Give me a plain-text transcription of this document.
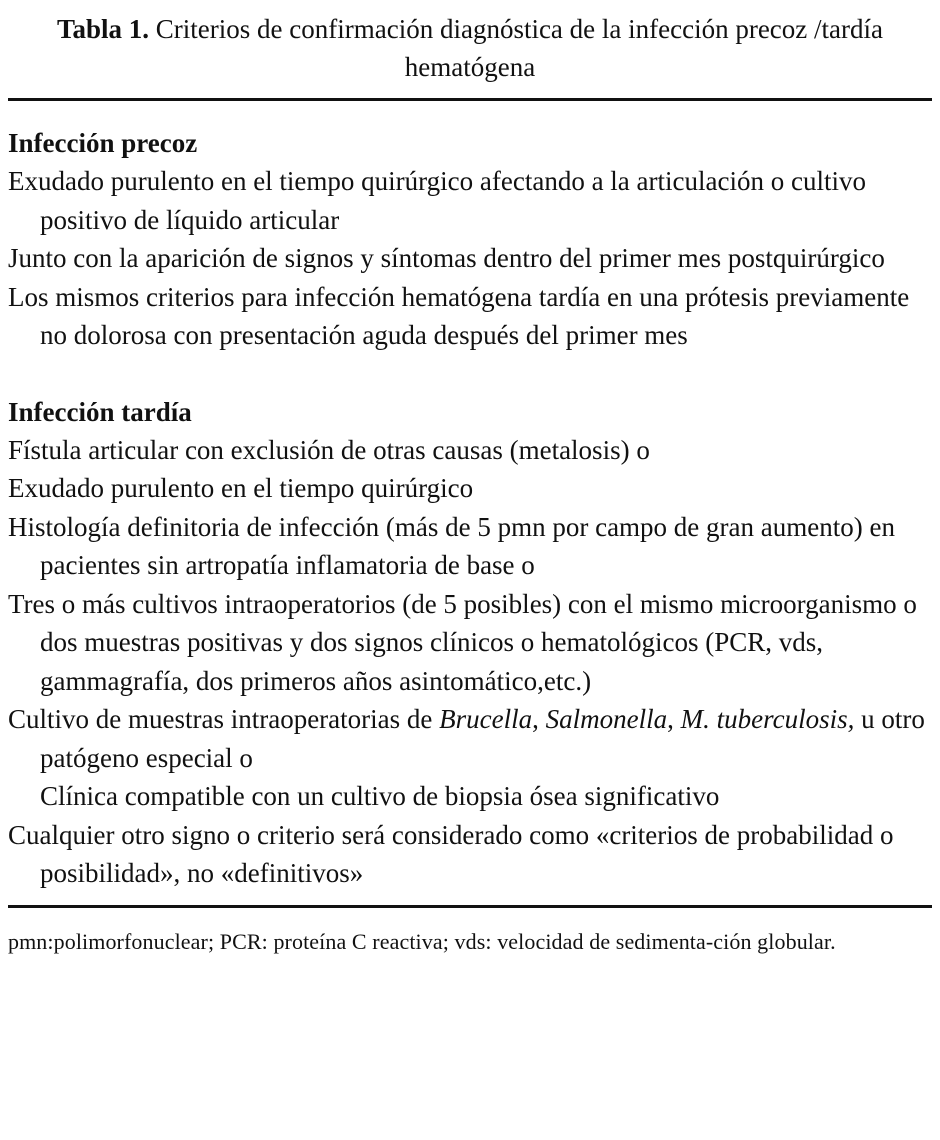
Tabla 1. Criterios de confirmación diagnóstica de la infección precoz /tardía hematógena

Infección precoz

Exudado purulento en el tiempo quirúrgico afectando a la articulación o cultivo positivo de líquido articular
Junto con la aparición de signos y síntomas dentro del primer mes postquirúrgico
Los mismos criterios para infección hematógena tardía en una prótesis previamente no dolorosa con presentación aguda después del primer mes

Infección tardía

Fístula articular con exclusión de otras causas (metalosis) o
Exudado purulento en el tiempo quirúrgico
Histología definitoria de infección (más de 5 pmn por campo de gran aumento) en pacientes sin artropatía inflamatoria de base o
Tres o más cultivos intraoperatorios (de 5 posibles) con el mismo microorganismo o dos muestras positivas y dos signos clínicos o hematológicos (PCR, vds, gammagrafía, dos primeros años asintomático,etc.)
Cultivo de muestras intraoperatorias de Brucella, Salmonella, M. tuberculosis, u otro patógeno especial o
Clínica compatible con un cultivo de biopsia ósea significativo
Cualquier otro signo o criterio será considerado como «criterios de probabilidad o posibilidad», no «definitivos»
pmn:polimorfonuclear; PCR: proteína C reactiva; vds: velocidad de sedimenta-ción globular.
